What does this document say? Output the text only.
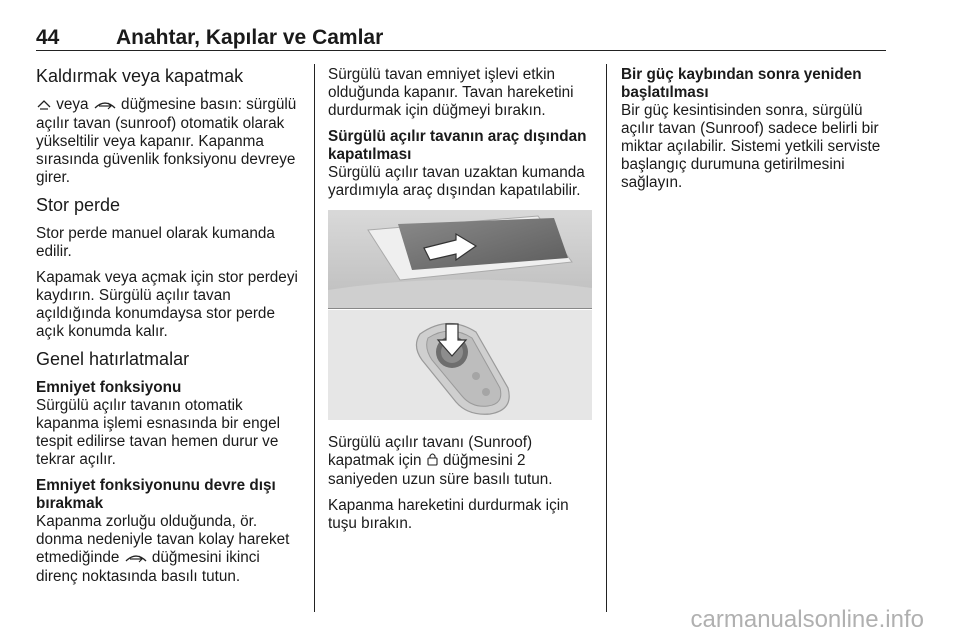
44	Anahtar, Kapılar ve Camlar
Kaldırmak veya kapatmak

veya  düğmesine basın: sürgülü açılır tavan (sunroof) otomatik olarak yükseltilir veya kapanır. Kapanma sırasında güvenlik fonksiyonu devreye girer.

Stor perde

Stor perde manuel olarak kumanda edilir.

Kapamak veya açmak için stor perdeyi kaydırın. Sürgülü açılır tavan açıldığında konumdaysa stor perde açık konumda kalır.

Genel hatırlatmalar
Emniyet fonksiyonu

Sürgülü açılır tavanın otomatik kapanma işlemi esnasında bir engel tespit edilirse tavan hemen durur ve tekrar açılır.

Emniyet fonksiyonunu devre dışı bırakmak

Kapanma zorluğu olduğunda, ör. donma nedeniyle tavan kolay hareket etmediğinde  düğmesini ikinci direnç noktasında basılı tutun.

Sürgülü tavan emniyet işlevi etkin olduğunda kapanır. Tavan hareketini durdurmak için düğmeyi bırakın.

Sürgülü açılır tavanın araç dışından kapatılması

Sürgülü açılır tavan uzaktan kumanda yardımıyla araç dışından kapatılabilir.

Sürgülü açılır tavanı (Sunroof) kapatmak için  düğmesini 2 saniyeden uzun süre basılı tutun.

Kapanma hareketini durdurmak için tuşu bırakın.

Bir güç kaybından sonra yeniden başlatılması

Bir güç kesintisinden sonra, sürgülü açılır tavan (Sunroof) sadece belirli bir miktar açılabilir. Sistemi yetkili serviste başlangıç durumuna getirilmesini sağlayın.

carmanualsonline.info
